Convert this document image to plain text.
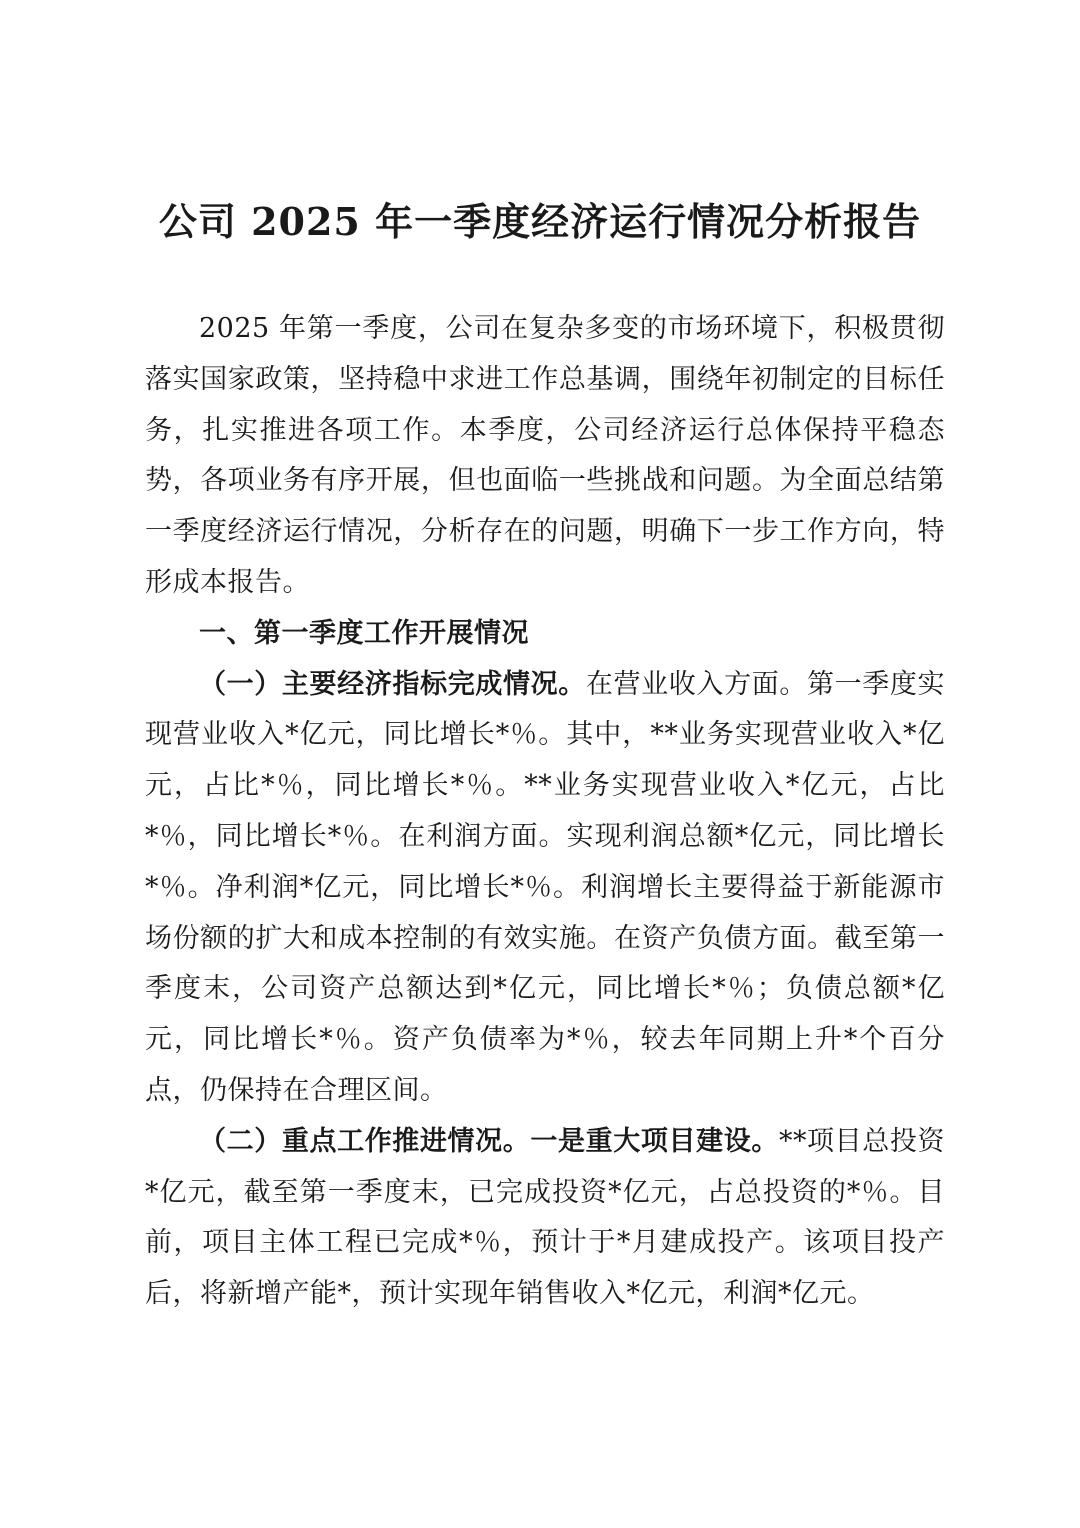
公司 2025 年一季度经济运行情况分析报告

2025 年第一季度，公司在复杂多变的市场环境下，积极贯彻落实国家政策，坚持稳中求进工作总基调，围绕年初制定的目标任务，扎实推进各项工作。本季度，公司经济运行总体保持平稳态势，各项业务有序开展，但也面临一些挑战和问题。为全面总结第一季度经济运行情况，分析存在的问题，明确下一步工作方向，特形成本报告。

一、第一季度工作开展情况

（一）主要经济指标完成情况。在营业收入方面。第一季度实现营业收入*亿元，同比增长*％。其中，**业务实现营业收入*亿元，占比*％，同比增长*％。**业务实现营业收入*亿元，占比*％，同比增长*％。在利润方面。实现利润总额*亿元，同比增长*％。净利润*亿元，同比增长*％。利润增长主要得益于新能源市场份额的扩大和成本控制的有效实施。在资产负债方面。截至第一季度末，公司资产总额达到*亿元，同比增长*％；负债总额*亿元，同比增长*％。资产负债率为*％，较去年同期上升*个百分点，仍保持在合理区间。

（二）重点工作推进情况。一是重大项目建设。**项目总投资*亿元，截至第一季度末，已完成投资*亿元，占总投资的*％。目前，项目主体工程已完成*％，预计于*月建成投产。该项目投产后，将新增产能*，预计实现年销售收入*亿元，利润*亿元。
